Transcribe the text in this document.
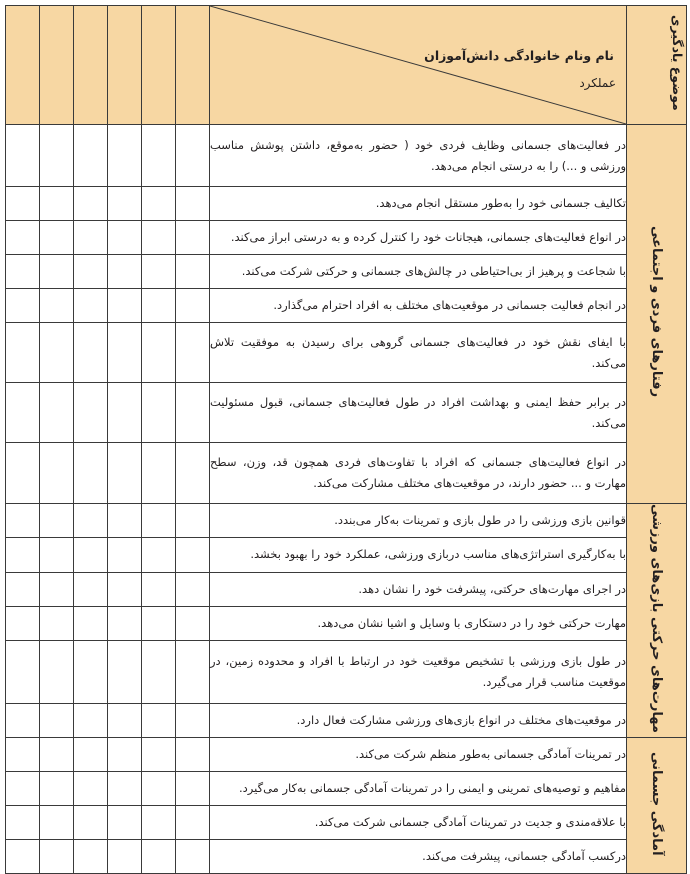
موضوع یادگیری	نام ونام خانوادگی دانش‌آموزان
عملکرد						

رفتارهای فردی و اجتماعی	در فعالیت‌های جسمانی وظایف فردی خود ( حضور به‌موقع، داشتن پوشش مناسب ورزشی و ...) را به درستی انجام می‌دهد.						
	تکالیف جسمانی خود را به‌طور مستقل انجام می‌دهد.						
	در انواع فعالیت‌های جسمانی، هیجانات خود را کنترل کرده و به درستی ابراز می‌کند.						
	با شجاعت و پرهیز از بی‌احتیاطی در چالش‌های جسمانی و حرکتی شرکت می‌کند.						
	در انجام فعالیت جسمانی در موقعیت‌های مختلف به افراد احترام می‌گذارد.						
	با ایفای نقش خود در فعالیت‌های جسمانی گروهی برای رسیدن به موفقیت تلاش می‌کند.						
	در برابر حفظ ایمنی و بهداشت افراد در طول فعالیت‌های جسمانی، قبول مسئولیت می‌کند.						
	در انواع فعالیت‌های جسمانی که افراد با تفاوت‌های فردی همچون قد، وزن، سطح مهارت و ... حضور دارند، در موقعیت‌های مختلف مشارکت می‌کند.						
مهارت‌های حرکتی بازی‌های ورزشی	قوانین بازی ورزشی را در طول بازی و تمرینات به‌کار می‌بندد.						
	با به‌کارگیری استراتژی‌های مناسب دربازی ورزشی، عملکرد خود را بهبود بخشد.						
	در اجرای مهارت‌های حرکتی، پیشرفت خود را نشان دهد.						
	مهارت حرکتی خود را در دستکاری با وسایل و اشیا نشان می‌دهد.						
	در طول بازی ورزشی با تشخیص موقعیت خود در ارتباط با افراد و محدوده زمین، در موقعیت مناسب قرار می‌گیرد.						
	در موقعیت‌های مختلف در انواع بازی‌های ورزشی مشارکت فعال دارد.						
آمادگی جسمانی	در تمرینات آمادگی جسمانی به‌طور منظم شرکت می‌کند.						
	مفاهیم و توصیه‌های تمرینی و ایمنی را در تمرینات آمادگی جسمانی به‌کار می‌گیرد.						
	با علاقه‌مندی و جدیت در تمرینات آمادگی جسمانی شرکت می‌کند.						
	درکسب آمادگی جسمانی، پیشرفت می‌کند.						
